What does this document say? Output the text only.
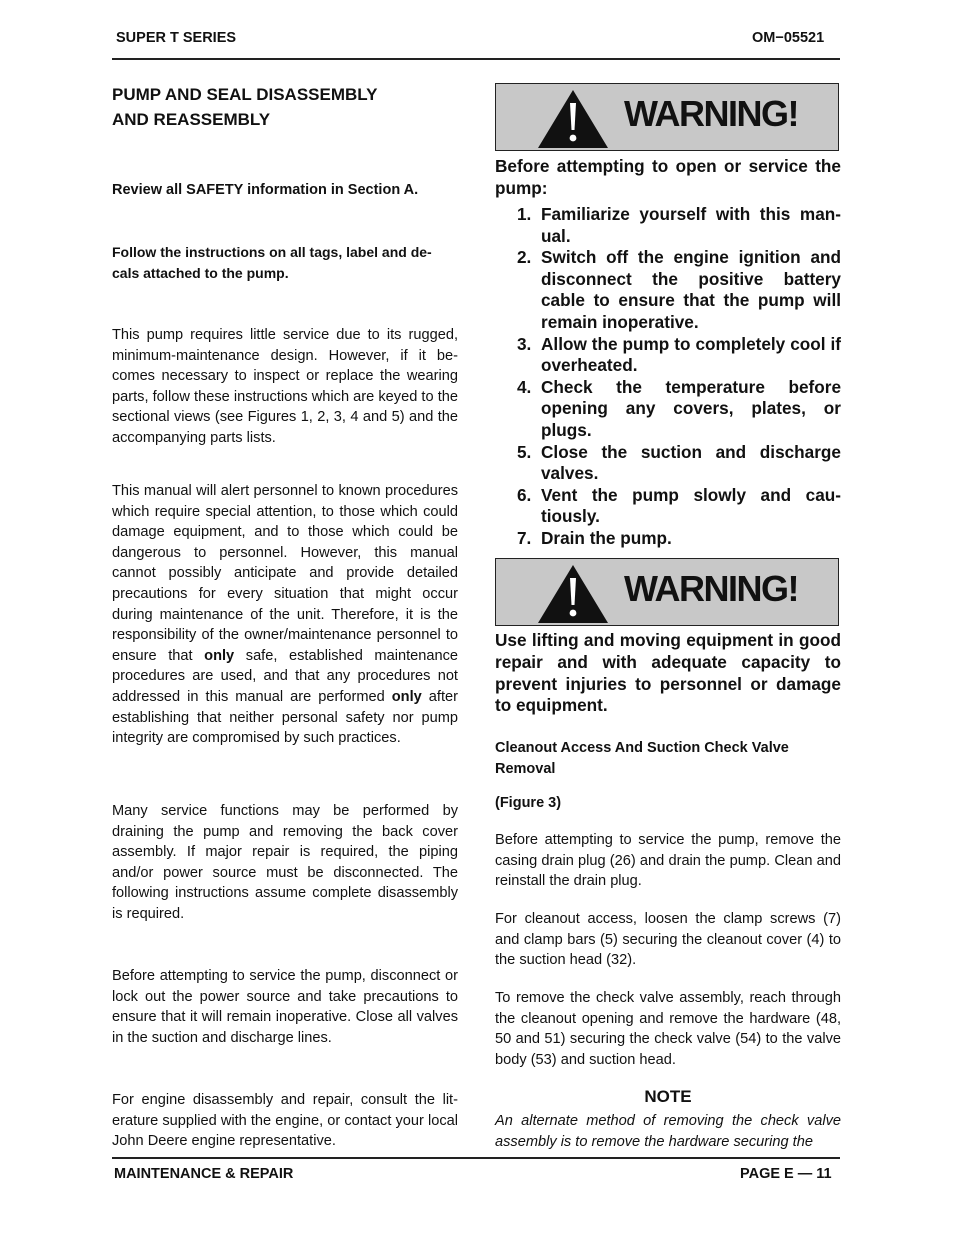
SUPER T SERIES	OM−05521
PUMP AND SEAL DISASSEMBLY
AND REASSEMBLY
Review all SAFETY information in Section A.
Follow the instructions on all tags, label and de-
cals attached to the pump.
This pump requires little service due to its rugged, minimum-maintenance design. However, if it becomes necessary to inspect or replace the wearing parts, follow these instructions which are keyed to the sectional views (see Figures 1, 2, 3, 4 and 5) and the accompanying parts lists.
This manual will alert personnel to known procedures which require special attention, to those which could damage equipment, and to those which could be dangerous to personnel. However, this manual cannot possibly anticipate and provide detailed precautions for every situation that might occur during maintenance of the unit. Therefore, it is the responsibility of the owner/maintenance personnel to ensure that only safe, established maintenance procedures are used, and that any procedures not addressed in this manual are performed only after establishing that neither personal safety nor pump integrity are compromised by such practices.
Many service functions may be performed by draining the pump and removing the back cover assembly. If major repair is required, the piping and/or power source must be disconnected. The following instructions assume complete disassembly is required.
Before attempting to service the pump, disconnect or lock out the power source and take precautions to ensure that it will remain inoperative. Close all valves in the suction and discharge lines.
For engine disassembly and repair, consult the literature supplied with the engine, or contact your local John Deere engine representative.
WARNING!
Before attempting to open or service the pump:
1. Familiarize yourself with this manual.
2. Switch off the engine ignition and disconnect the positive battery cable to ensure that the pump will remain inoperative.
3. Allow the pump to completely cool if overheated.
4. Check the temperature before opening any covers, plates, or plugs.
5. Close the suction and discharge valves.
6. Vent the pump slowly and cautiously.
7. Drain the pump.
WARNING!
Use lifting and moving equipment in good repair and with adequate capacity to prevent injuries to personnel or damage to equipment.
Cleanout Access And Suction Check Valve
Removal
(Figure 3)
Before attempting to service the pump, remove the casing drain plug (26) and drain the pump. Clean and reinstall the drain plug.
For cleanout access, loosen the clamp screws (7) and clamp bars (5) securing the cleanout cover (4) to the suction head (32).
To remove the check valve assembly, reach through the cleanout opening and remove the hardware (48, 50 and 51) securing the check valve (54) to the valve body (53) and suction head.
NOTE
An alternate method of removing the check valve assembly is to remove the hardware securing the
MAINTENANCE & REPAIR	PAGE E — 11
